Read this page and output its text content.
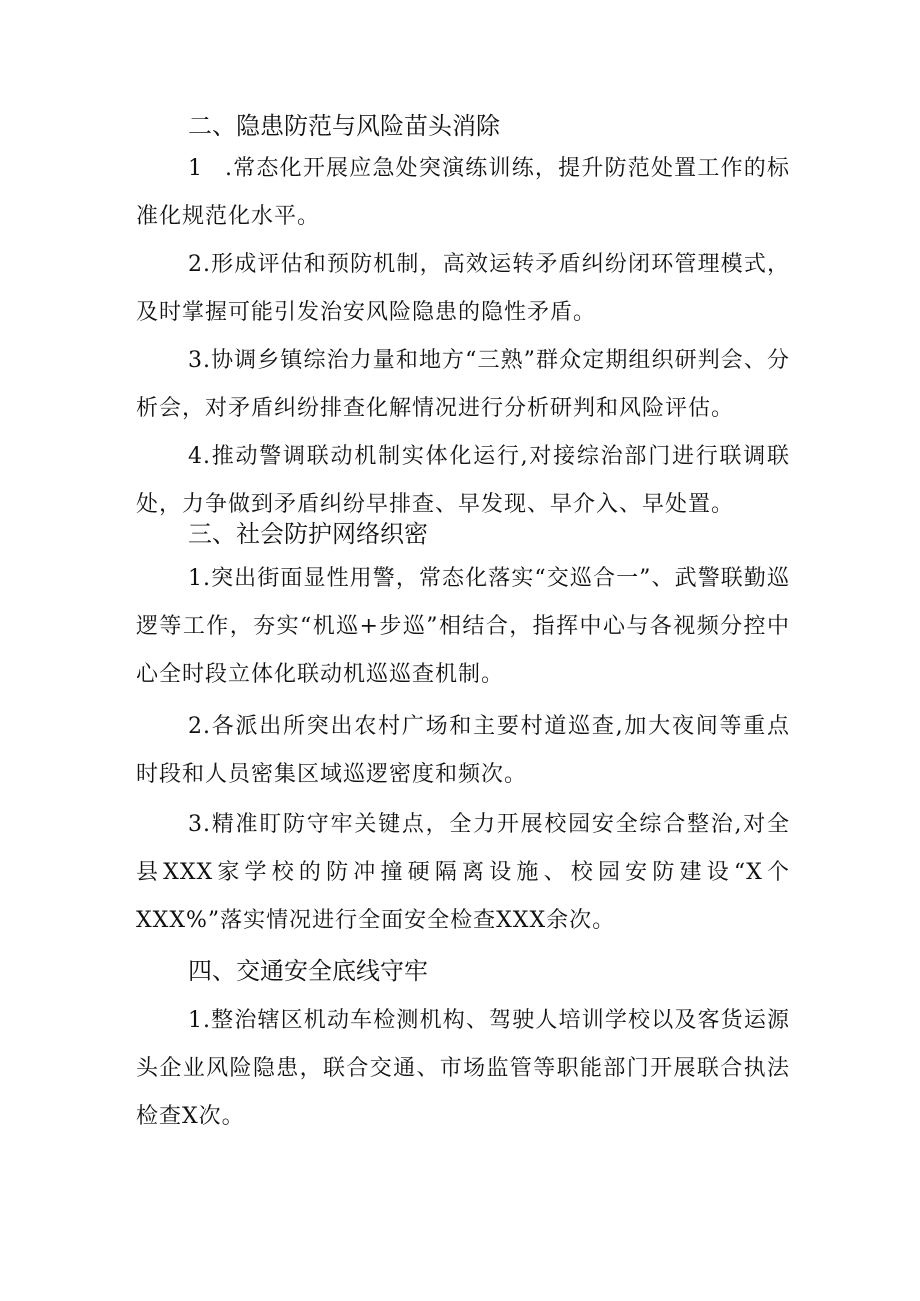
二、隐患防范与风险苗头消除

1 .常态化开展应急处突演练训练，提升防范处置工作的标准化规范化水平。

2.形成评估和预防机制，高效运转矛盾纠纷闭环管理模式，及时掌握可能引发治安风险隐患的隐性矛盾。

3.协调乡镇综治力量和地方“三熟”群众定期组织研判会、分析会，对矛盾纠纷排查化解情况进行分析研判和风险评估。

4.推动警调联动机制实体化运行,对接综治部门进行联调联处，力争做到矛盾纠纷早排查、早发现、早介入、早处置。

三、社会防护网络织密

1.突出街面显性用警，常态化落实“交巡合一”、武警联勤巡逻等工作，夯实“机巡+步巡”相结合，指挥中心与各视频分控中心全时段立体化联动机巡巡查机制。

2.各派出所突出农村广场和主要村道巡查,加大夜间等重点时段和人员密集区域巡逻密度和频次。

3.精准盯防守牢关键点，全力开展校园安全综合整治,对全县XXX家学校的防冲撞硬隔离设施、校园安防建设“X个XXX%”落实情况进行全面安全检查XXX余次。

四、交通安全底线守牢

1.整治辖区机动车检测机构、驾驶人培训学校以及客货运源头企业风险隐患，联合交通、市场监管等职能部门开展联合执法检查X次。
